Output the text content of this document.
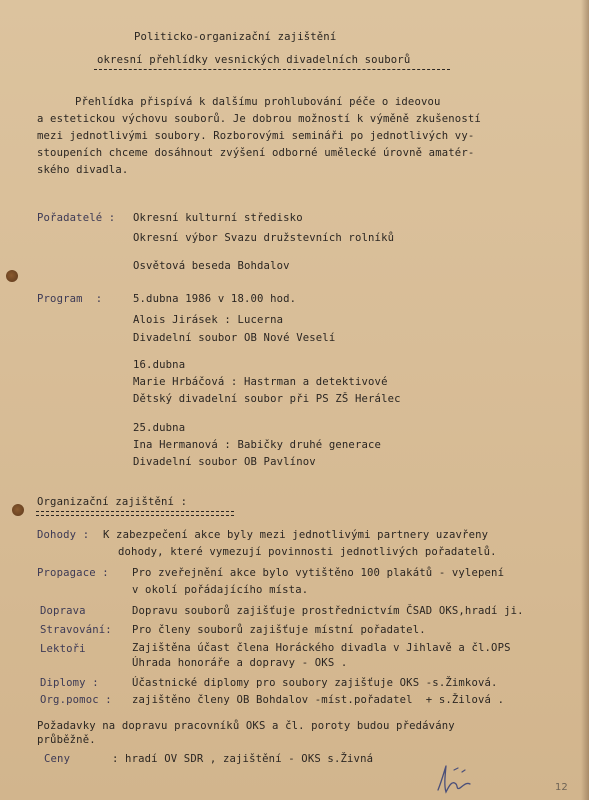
Politicko-organizační zajištění

okresní přehlídky vesnických divadelních souborů

Přehlídka přispívá k dalšímu prohlubování péče o ideovou

a estetickou výchovu souborů. Je dobrou možností k výměně zkušeností

mezi jednotlivými soubory. Rozborovými semináři po jednotlivých vy-

stoupeních chceme dosáhnout zvýšení odborné umělecké úrovně amatér-

ského divadla.

Pořadatelé : Okresní kulturní středisko

Okresní výbor Svazu družstevních rolníků

Osvětová beseda Bohdalov

Program  :	5.dubna 1986 v 18.00 hod.

Alois Jirásek : Lucerna

Divadelní soubor OB Nové Veselí

16.dubna

Marie Hrbáčová : Hastrman a detektivové

Dětský divadelní soubor při PS ZŠ Herálec

25.dubna

Ina Hermanová : Babičky druhé generace

Divadelní soubor OB Pavlínov

Organizační zajištění :

Dohody : K zabezpečení akce byly mezi jednotlivými partnery uzavřeny

dohody, které vymezují povinnosti jednotlivých pořadatelů.

Propagace : Pro zveřejnění akce bylo vytištěno 100 plakátů - vylepení

v okolí pořádajícího místa.

Doprava	Dopravu souborů zajišťuje prostřednictvím ČSAD OKS,hradí ji.

Stravování: Pro členy souborů zajišťuje místní pořadatel.

Lektoři	Zajištěna účast člena Horáckého divadla v Jihlavě a čl.OPS

Úhrada honoráře a dopravy - OKS .

Diplomy :	Účastnické diplomy pro soubory zajišťuje OKS -s.Žimková.

Org.pomoc : zajištěno členy OB Bohdalov -míst.pořadatel  + s.Žilová .

Požadavky na dopravu pracovníků OKS a čl. poroty budou předávány

průběžně.

Ceny	: hradí OV SDR , zajištění - OKS s.Živná

12
